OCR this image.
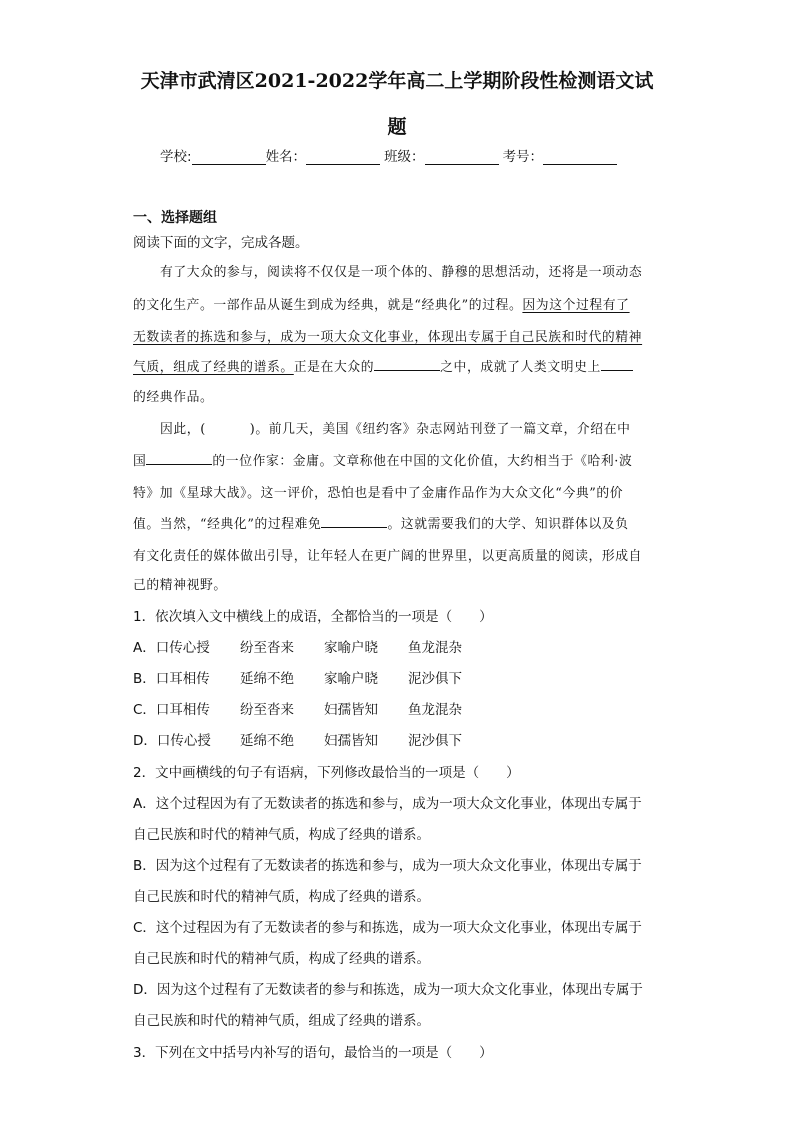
天津市武清区2021-2022学年高二上学期阶段性检测语文试
题
学校:	姓名：	班级：	考号：
一、选择题组
阅读下面的文字，完成各题。
有了大众的参与，阅读将不仅仅是一项个体的、静穆的思想活动，还将是一项动态
的文化生产。一部作品从诞生到成为经典，就是“经典化”的过程。因为这个过程有了
无数读者的拣选和参与，成为一项大众文化事业，体现出专属于自己民族和时代的精神
气质，组成了经典的谱系。正是在大众的	之中，成就了人类文明史上
的经典作品。
因此，(	)。前几天，美国《纽约客》杂志网站刊登了一篇文章，介绍在中
国	的一位作家：金庸。文章称他在中国的文化价值，大约相当于《哈利·波
特》加《星球大战》。这一评价，恐怕也是看中了金庸作品作为大众文化“今典”的价
值。当然，“经典化”的过程难免	。这就需要我们的大学、知识群体以及负
有文化责任的媒体做出引导，让年轻人在更广阔的世界里，以更高质量的阅读，形成自
己的精神视野。
1．依次填入文中横线上的成语，全都恰当的一项是（　　）
A．口传心授	纷至沓来	家喻户晓	鱼龙混杂
B．口耳相传	延绵不绝	家喻户晓	泥沙俱下
C．口耳相传	纷至沓来	妇孺皆知	鱼龙混杂
D．口传心授	延绵不绝	妇孺皆知	泥沙俱下
2．文中画横线的句子有语病，下列修改最恰当的一项是（　　）
A．这个过程因为有了无数读者的拣选和参与，成为一项大众文化事业，体现出专属于
自己民族和时代的精神气质，构成了经典的谱系。
B．因为这个过程有了无数读者的拣选和参与，成为一项大众文化事业，体现出专属于
自己民族和时代的精神气质，构成了经典的谱系。
C．这个过程因为有了无数读者的参与和拣选，成为一项大众文化事业，体现出专属于
自己民族和时代的精神气质，构成了经典的谱系。
D．因为这个过程有了无数读者的参与和拣选，成为一项大众文化事业，体现出专属于
自己民族和时代的精神气质，组成了经典的谱系。
3．下列在文中括号内补写的语句，最恰当的一项是（　　）
